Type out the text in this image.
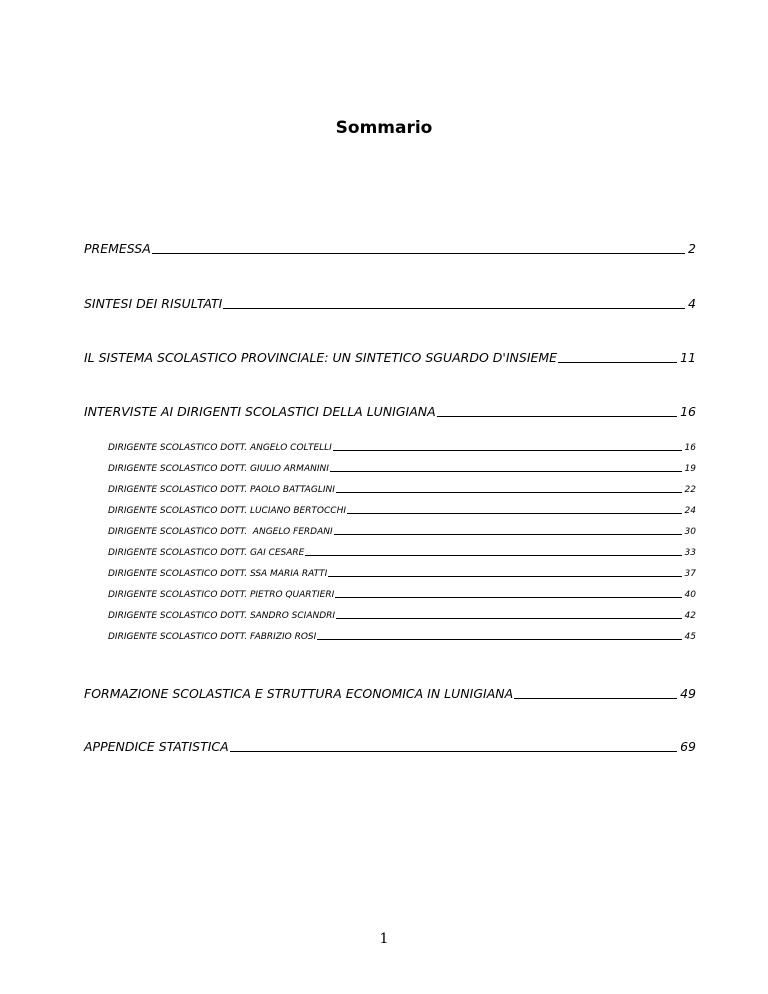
Sommario
PREMESSA	2
SINTESI DEI RISULTATI	4
IL SISTEMA SCOLASTICO PROVINCIALE: UN SINTETICO SGUARDO D'INSIEME	11
INTERVISTE AI DIRIGENTI SCOLASTICI DELLA LUNIGIANA	16
DIRIGENTE SCOLASTICO DOTT. ANGELO COLTELLI	16
DIRIGENTE SCOLASTICO DOTT. GIULIO ARMANINI	19
DIRIGENTE SCOLASTICO DOTT. PAOLO BATTAGLINI	22
DIRIGENTE SCOLASTICO DOTT. LUCIANO BERTOCCHI	24
DIRIGENTE SCOLASTICO DOTT.  ANGELO FERDANI	30
DIRIGENTE SCOLASTICO DOTT. GAI CESARE	33
DIRIGENTE SCOLASTICO DOTT. SSA MARIA RATTI	37
DIRIGENTE SCOLASTICO DOTT. PIETRO QUARTIERI	40
DIRIGENTE SCOLASTICO DOTT. SANDRO SCIANDRI	42
DIRIGENTE SCOLASTICO DOTT. FABRIZIO ROSI	45
FORMAZIONE SCOLASTICA E STRUTTURA ECONOMICA IN LUNIGIANA	49
APPENDICE STATISTICA	69
1
